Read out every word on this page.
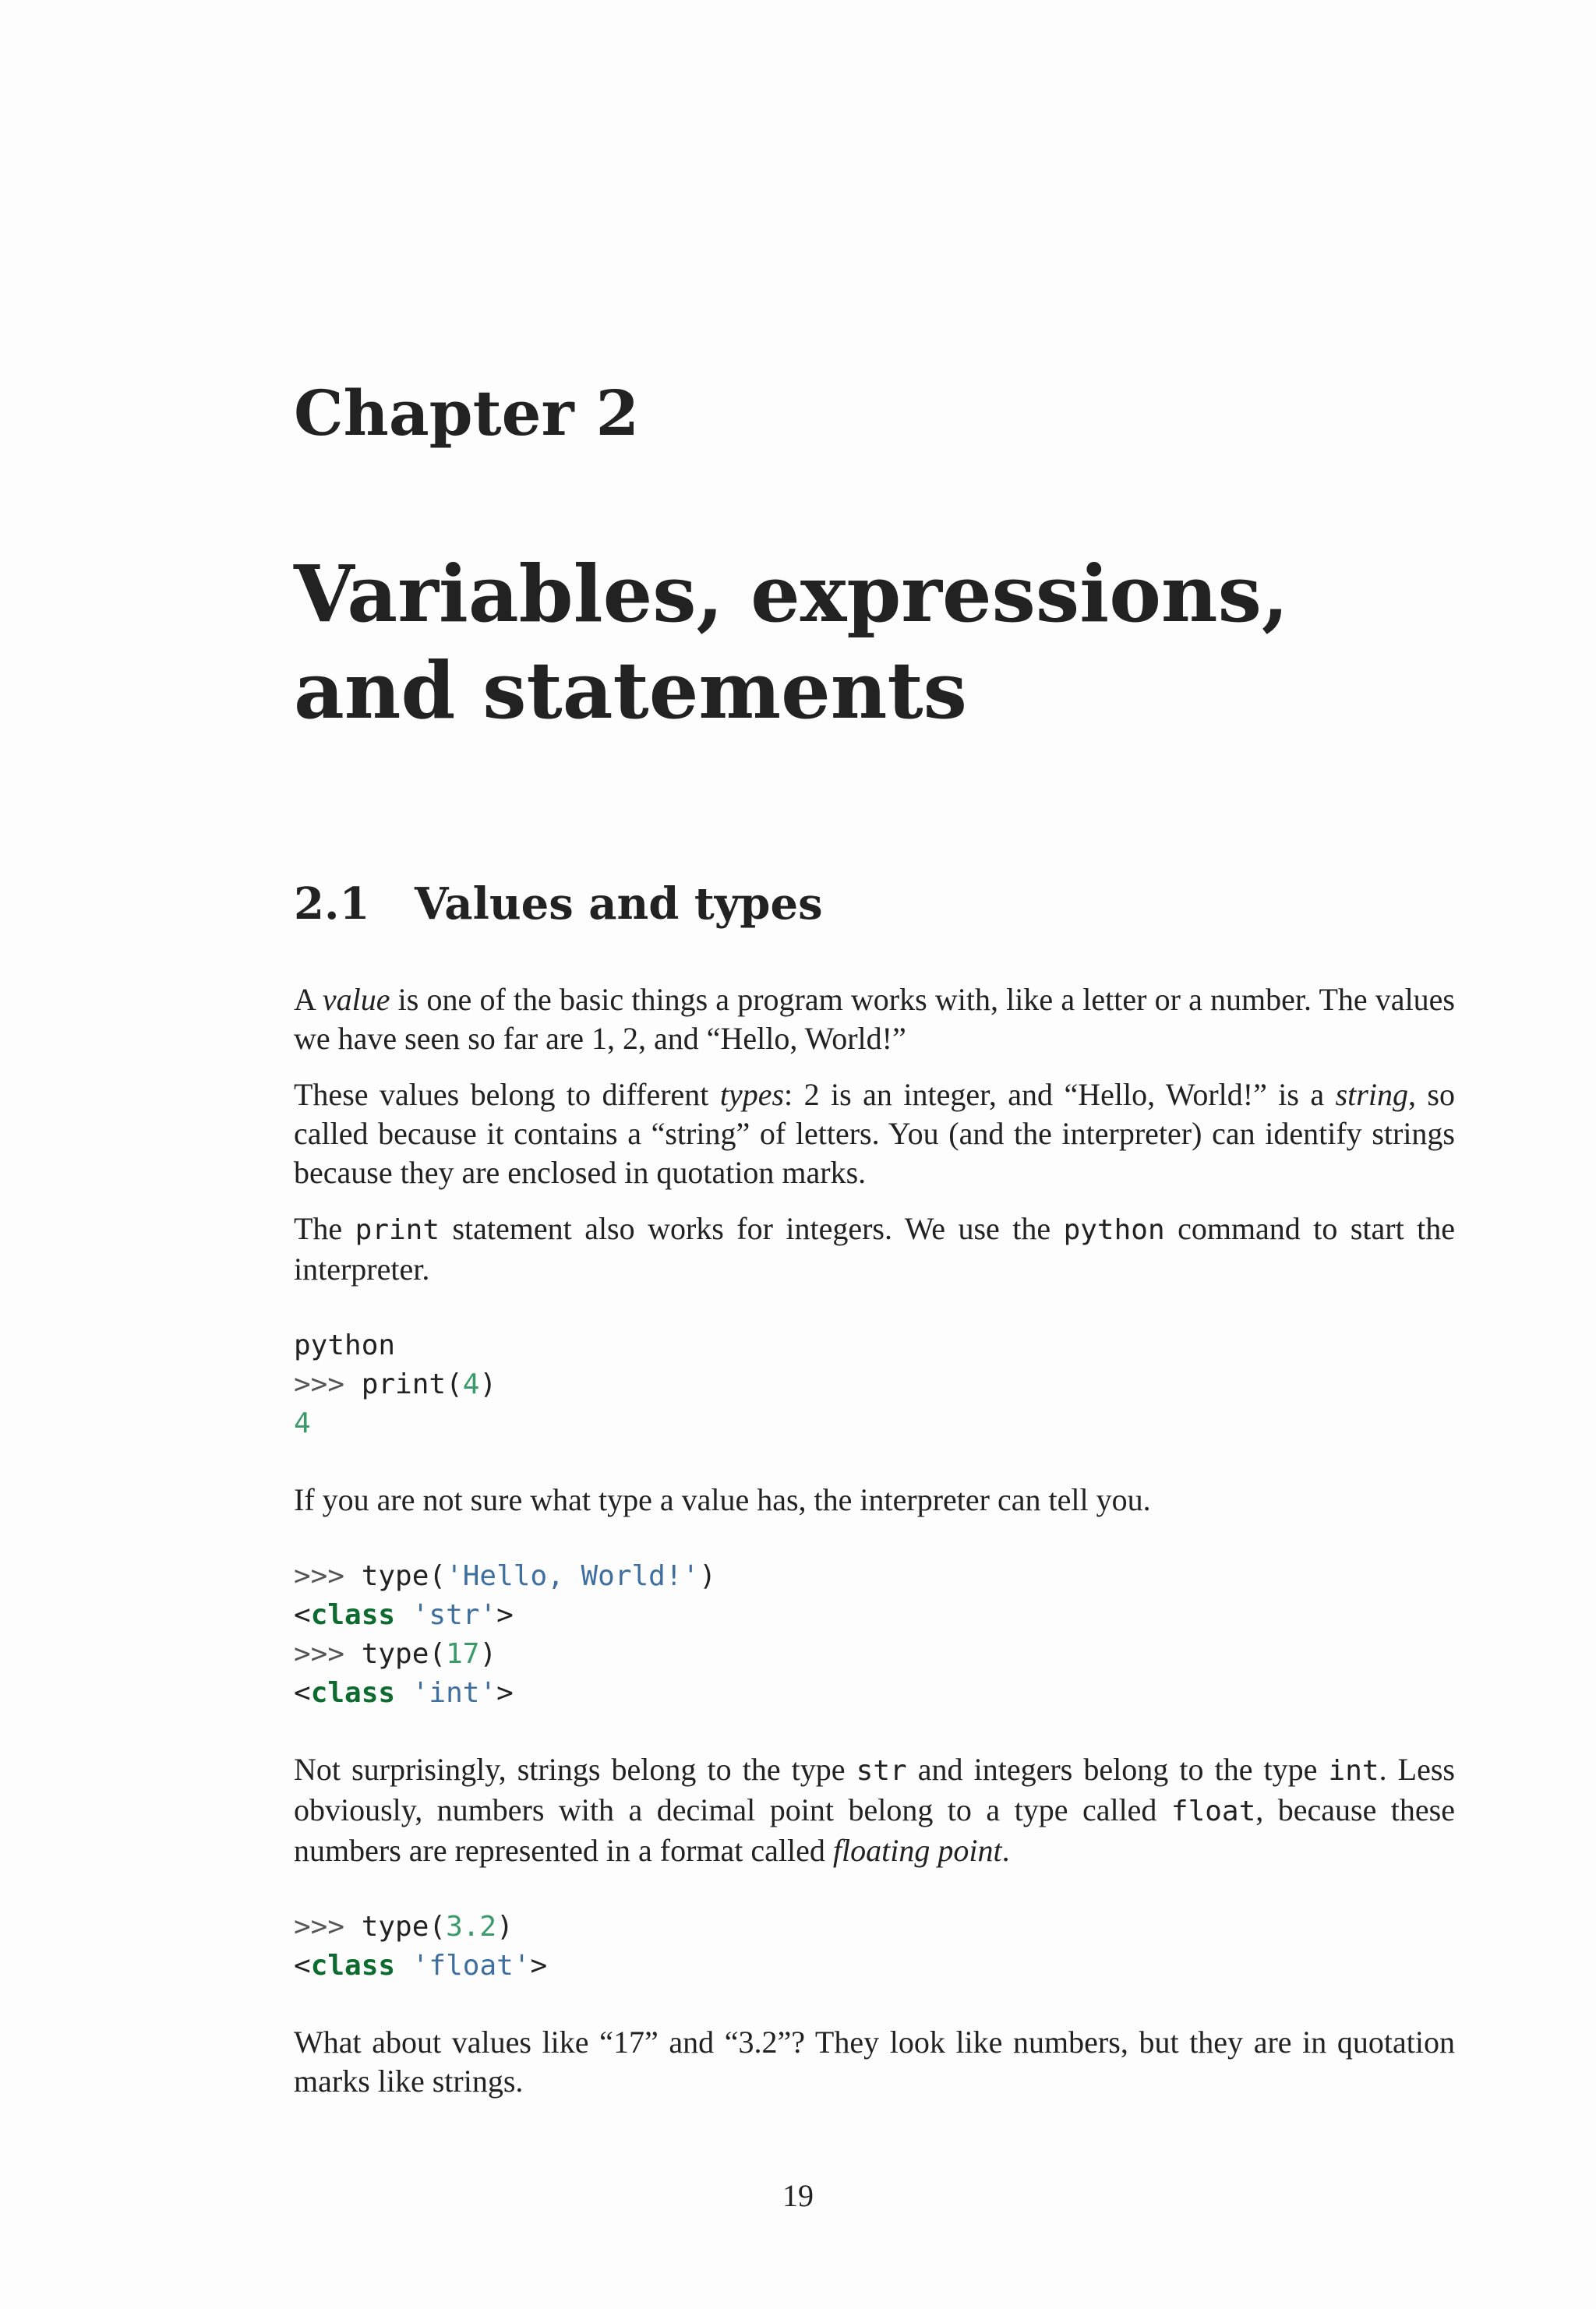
Chapter 2
Variables, expressions, and statements
2.1 Values and types

A value is one of the basic things a program works with, like a letter or a number. The values we have seen so far are 1, 2, and “Hello, World!”

These values belong to different types: 2 is an integer, and “Hello, World!” is a string, so called because it contains a “string” of letters. You (and the interpreter) can identify strings because they are enclosed in quotation marks.

The print statement also works for integers. We use the python command to start the interpreter.

python
>>> print(4)
4

If you are not sure what type a value has, the interpreter can tell you.

>>> type('Hello, World!')
<class 'str'>
>>> type(17)
<class 'int'>

Not surprisingly, strings belong to the type str and integers belong to the type int. Less obviously, numbers with a decimal point belong to a type called float, because these numbers are represented in a format called floating point.

>>> type(3.2)
<class 'float'>

What about values like “17” and “3.2”? They look like numbers, but they are in quotation marks like strings.

19
